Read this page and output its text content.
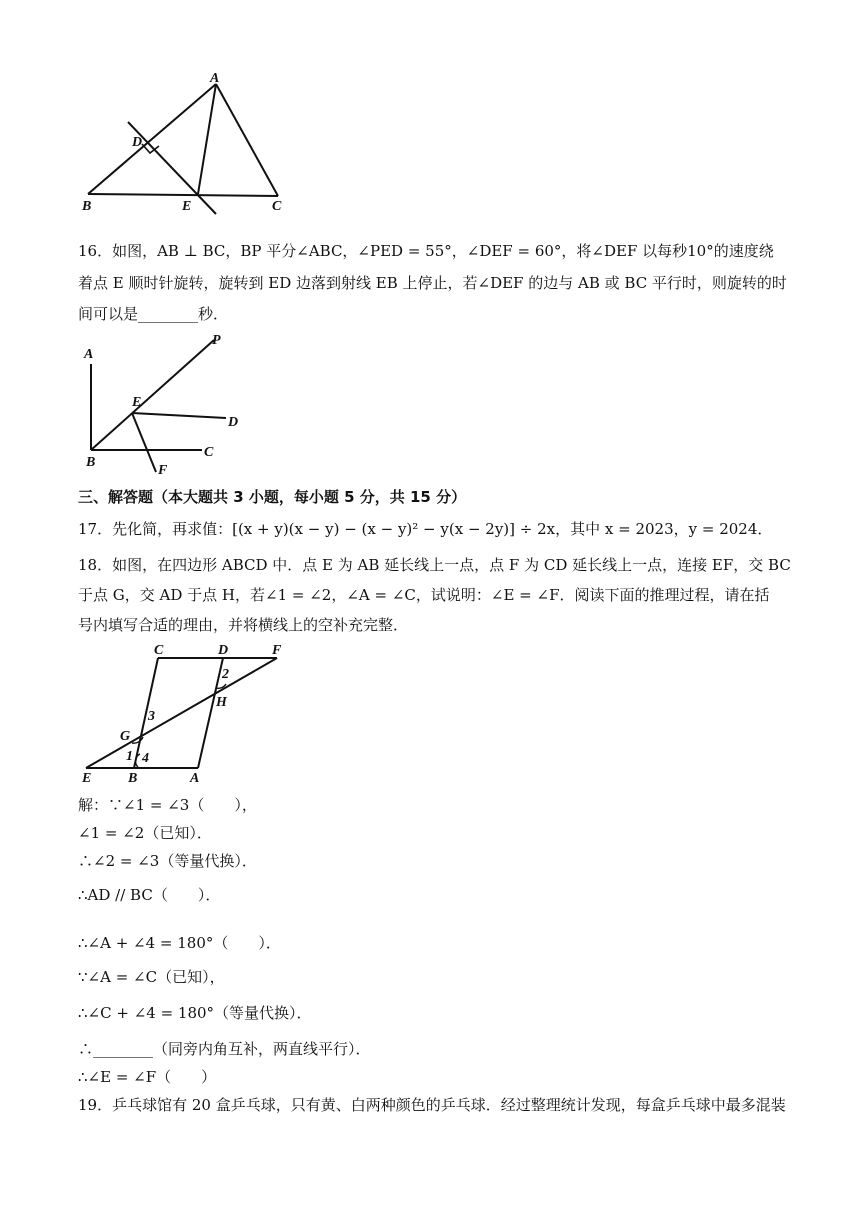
A
D
B	E	C
16．如图，AB ⊥ BC，BP 平分∠ABC，∠PED = 55°，∠DEF = 60°，将∠DEF 以每秒10°的速度绕
着点 E 顺时针旋转，旋转到 ED 边落到射线 EB 上停止，若∠DEF 的边与 AB 或 BC 平行时，则旋转的时
间可以是________秒．
A
P
E
D
B
C
F
三、解答题（本大题共 3 小题，每小题 5 分，共 15 分）
17．先化简，再求值：[(x + y)(x − y) − (x − y)² − y(x − 2y)] ÷ 2x，其中 x = 2023，y = 2024．
18．如图，在四边形 ABCD 中．点 E 为 AB 延长线上一点，点 F 为 CD 延长线上一点，连接 EF，交 BC
于点 G，交 AD 于点 H，若∠1 = ∠2，∠A = ∠C，试说明：∠E = ∠F．阅读下面的推理过程，请在括
号内填写合适的理由，并将横线上的空补充完整．
C	D	F
2
H
3
G
1 4
E	B	A
解：∵∠1 = ∠3（　　），
∠1 = ∠2（已知）．
∴∠2 = ∠3（等量代换）．
∴AD // BC（　　）．
∴∠A + ∠4 = 180°（　　）．
∵∠A = ∠C（已知），
∴∠C + ∠4 = 180°（等量代换）．
∴________（同旁内角互补，两直线平行）．
∴∠E = ∠F（　　）
19．乒乓球馆有 20 盒乒乓球，只有黄、白两种颜色的乒乓球．经过整理统计发现，每盒乒乓球中最多混装
